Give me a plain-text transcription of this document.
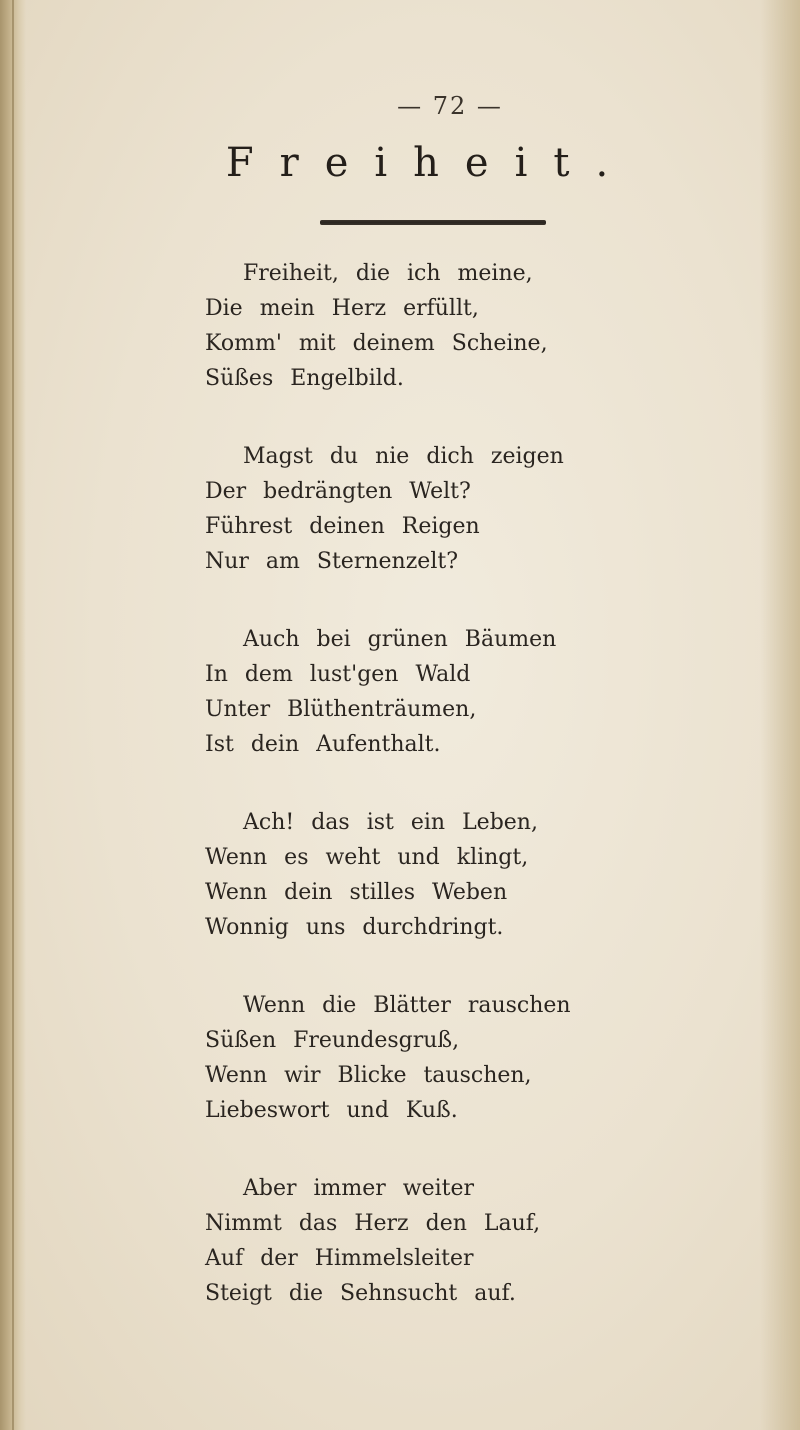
— 72 —
Freiheit.
Freiheit, die ich meine,
Die mein Herz erfüllt,
Komm' mit deinem Scheine,
Süßes Engelbild.
Magst du nie dich zeigen
Der bedrängten Welt?
Führest deinen Reigen
Nur am Sternenzelt?
Auch bei grünen Bäumen
In dem lust'gen Wald
Unter Blüthenträumen,
Ist dein Aufenthalt.
Ach! das ist ein Leben,
Wenn es weht und klingt,
Wenn dein stilles Weben
Wonnig uns durchdringt.
Wenn die Blätter rauschen
Süßen Freundesgruß,
Wenn wir Blicke tauschen,
Liebeswort und Kuß.
Aber immer weiter
Nimmt das Herz den Lauf,
Auf der Himmelsleiter
Steigt die Sehnsucht auf.
